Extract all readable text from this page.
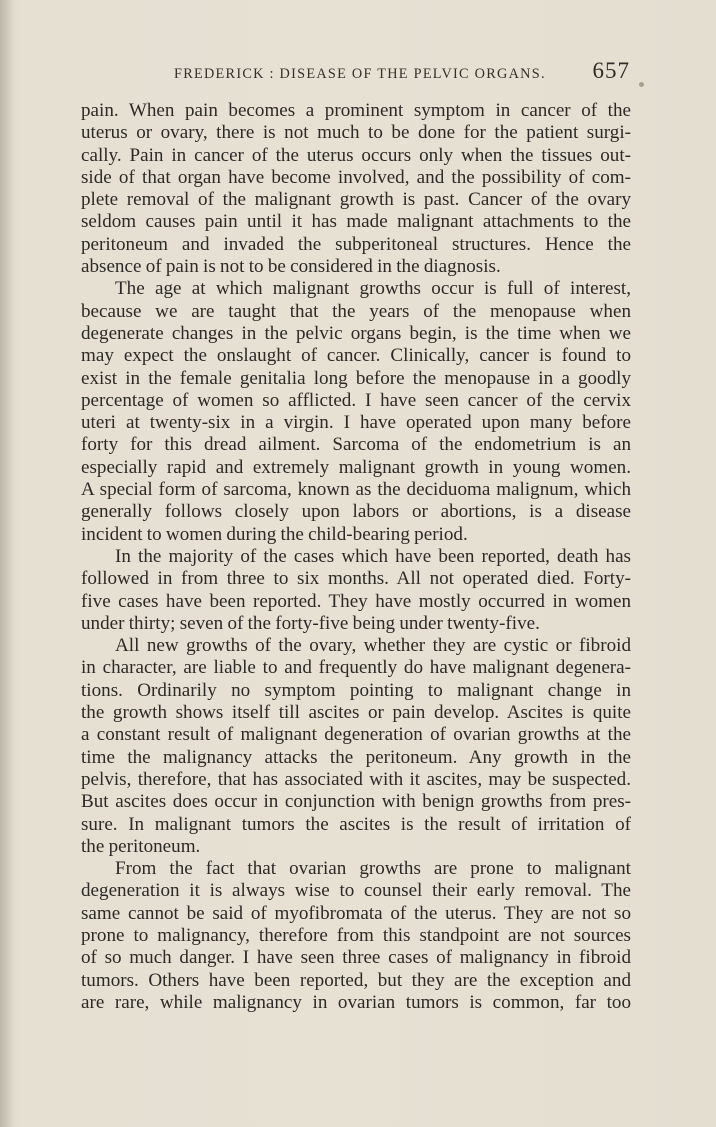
FREDERICK : DISEASE OF THE PELVIC ORGANS. 657
pain. When pain becomes a prominent symptom in cancer of the
uterus or ovary, there is not much to be done for the patient surgi-
cally. Pain in cancer of the uterus occurs only when the tissues out-
side of that organ have become involved, and the possibility of com-
plete removal of the malignant growth is past. Cancer of the ovary
seldom causes pain until it has made malignant attachments to the
peritoneum and invaded the subperitoneal structures. Hence the
absence of pain is not to be considered in the diagnosis.
The age at which malignant growths occur is full of interest,
because we are taught that the years of the menopause when
degenerate changes in the pelvic organs begin, is the time when we
may expect the onslaught of cancer. Clinically, cancer is found to
exist in the female genitalia long before the menopause in a goodly
percentage of women so afflicted. I have seen cancer of the cervix
uteri at twenty-six in a virgin. I have operated upon many before
forty for this dread ailment. Sarcoma of the endometrium is an
especially rapid and extremely malignant growth in young women.
A special form of sarcoma, known as the deciduoma malignum, which
generally follows closely upon labors or abortions, is a disease
incident to women during the child-bearing period.
In the majority of the cases which have been reported, death has
followed in from three to six months. All not operated died. Forty-
five cases have been reported. They have mostly occurred in women
under thirty; seven of the forty-five being under twenty-five.
All new growths of the ovary, whether they are cystic or fibroid
in character, are liable to and frequently do have malignant degenera-
tions. Ordinarily no symptom pointing to malignant change in
the growth shows itself till ascites or pain develop. Ascites is quite
a constant result of malignant degeneration of ovarian growths at the
time the malignancy attacks the peritoneum. Any growth in the
pelvis, therefore, that has associated with it ascites, may be suspected.
But ascites does occur in conjunction with benign growths from pres-
sure. In malignant tumors the ascites is the result of irritation of
the peritoneum.
From the fact that ovarian growths are prone to malignant
degeneration it is always wise to counsel their early removal. The
same cannot be said of myofibromata of the uterus. They are not so
prone to malignancy, therefore from this standpoint are not sources
of so much danger. I have seen three cases of malignancy in fibroid
tumors. Others have been reported, but they are the exception and
are rare, while malignancy in ovarian tumors is common, far too
